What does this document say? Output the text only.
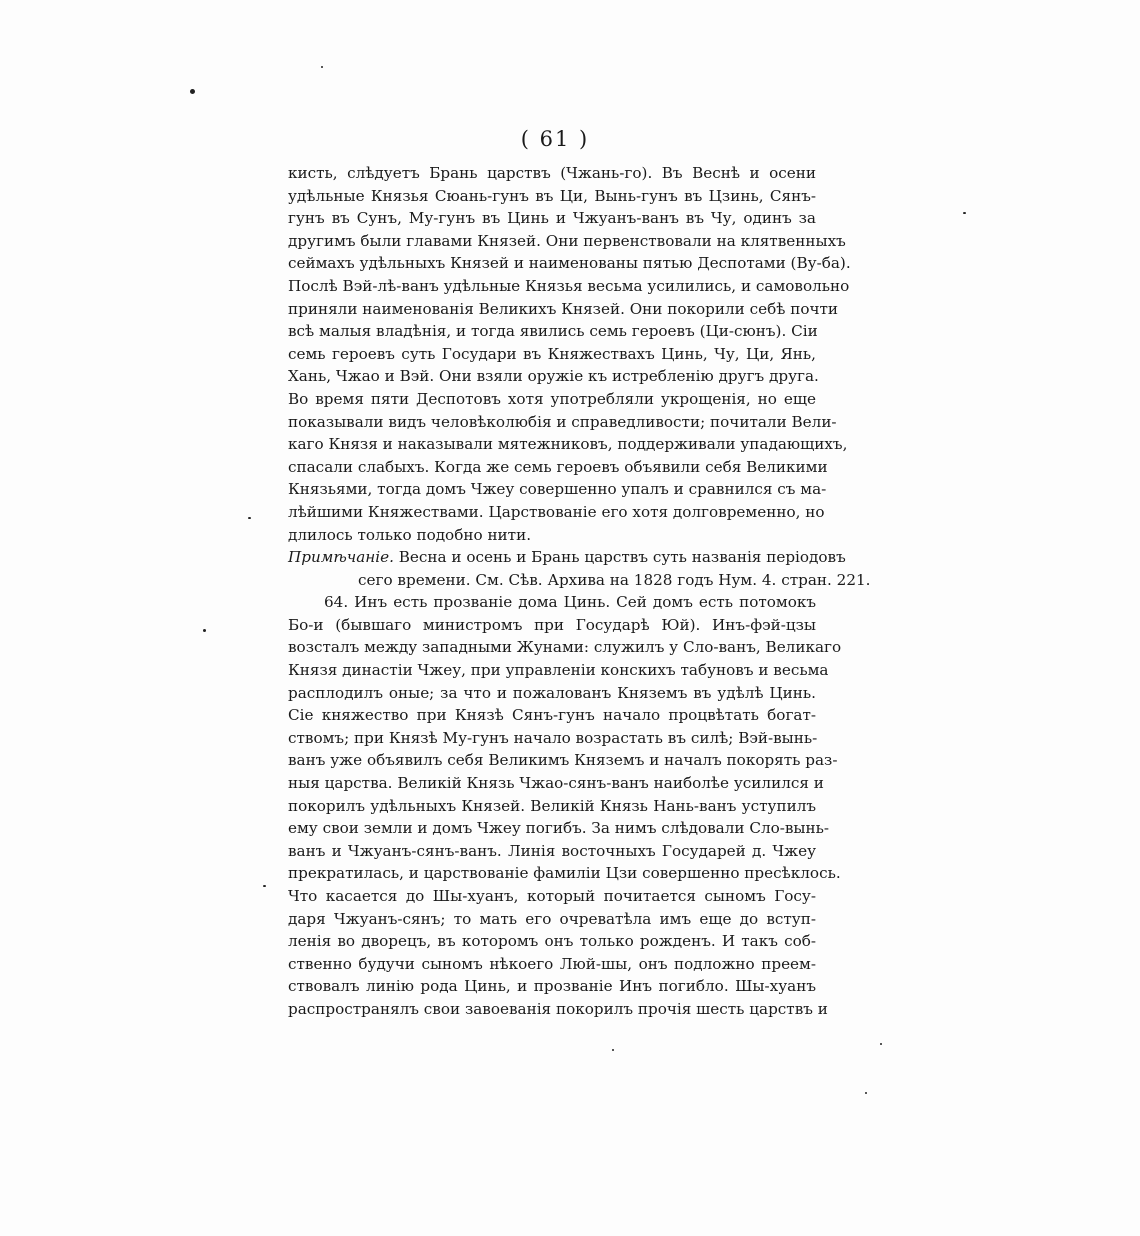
( 61 )
кисть, слѣдуетъ Брань царствъ (Чжань-го). Въ Веснѣ и осени
удѣльные Князья Сюань-гунъ въ Ци, Вынь-гунъ въ Цзинь, Сянъ-
гунъ въ Сунъ, Му-гунъ въ Цинь и Чжуанъ-ванъ въ Чу, одинъ за
другимъ были главами Князей. Они первенствовали на клятвенныхъ
сеймахъ удѣльныхъ Князей и наименованы пятью Деспотами (Ву-ба).
Послѣ Вэй-лѣ-ванъ удѣльные Князья весьма усилились, и самовольно
приняли наименованія Великихъ Князей. Они покорили себѣ почти
всѣ малыя владѣнія, и тогда явились семь героевъ (Ци-сюнъ). Сіи
семь героевъ суть Государи въ Княжествахъ Цинь, Чу, Ци, Янь,
Хань, Чжао и Вэй. Они взяли оружіе къ истребленію другъ друга.
Во время пяти Деспотовъ хотя употребляли укрощенія, но еще
показывали видъ человѣколюбія и справедливости; почитали Вели-
каго Князя и наказывали мятежниковъ, поддерживали упадающихъ,
спасали слабыхъ. Когда же семь героевъ объявили себя Великими
Князьями, тогда домъ Чжеу совершенно упалъ и сравнился съ ма-
лѣйшими Княжествами. Царствованіе его хотя долговременно, но
длилось только подобно нити.
Примѣчаніе. Весна и осень и Брань царствъ суть названія періодовъ
сего времени. См. Сѣв. Архива на 1828 годъ Нум. 4. стран. 221.
64. Инъ есть прозваніе дома Цинь. Сей домъ есть потомокъ
Бо-и (бывшаго министромъ при Государѣ Юй). Инъ-фэй-цзы
возсталъ между западными Жунами: служилъ у Сло-ванъ, Великаго
Князя династіи Чжеу, при управленіи конскихъ табуновъ и весьма
расплодилъ оные; за что и пожалованъ Княземъ въ удѣлѣ Цинь.
Сіе княжество при Князѣ Сянъ-гунъ начало процвѣтать богат-
ствомъ; при Князѣ Му-гунъ начало возрастать въ силѣ; Вэй-вынь-
ванъ уже объявилъ себя Великимъ Княземъ и началъ покорять раз-
ныя царства. Великій Князь Чжао-сянъ-ванъ наиболѣе усилился и
покорилъ удѣльныхъ Князей. Великій Князь Нань-ванъ уступилъ
ему свои земли и домъ Чжеу погибъ. За нимъ слѣдовали Сло-вынь-
ванъ и Чжуанъ-сянъ-ванъ. Линія восточныхъ Государей д. Чжеу
прекратилась, и царствованіе фамиліи Цзи совершенно пресѣклось.
Что касается до Шы-хуанъ, который почитается сыномъ Госу-
даря Чжуанъ-сянъ; то мать его очреватѣла имъ еще до вступ-
ленія во дворецъ, въ которомъ онъ только рожденъ. И такъ соб-
ственно будучи сыномъ нѣкоего Люй-шы, онъ подложно преем-
ствовалъ линію рода Цинь, и прозваніе Инъ погибло. Шы-хуанъ
распространялъ свои завоеванія покорилъ прочія шесть царствъ и
